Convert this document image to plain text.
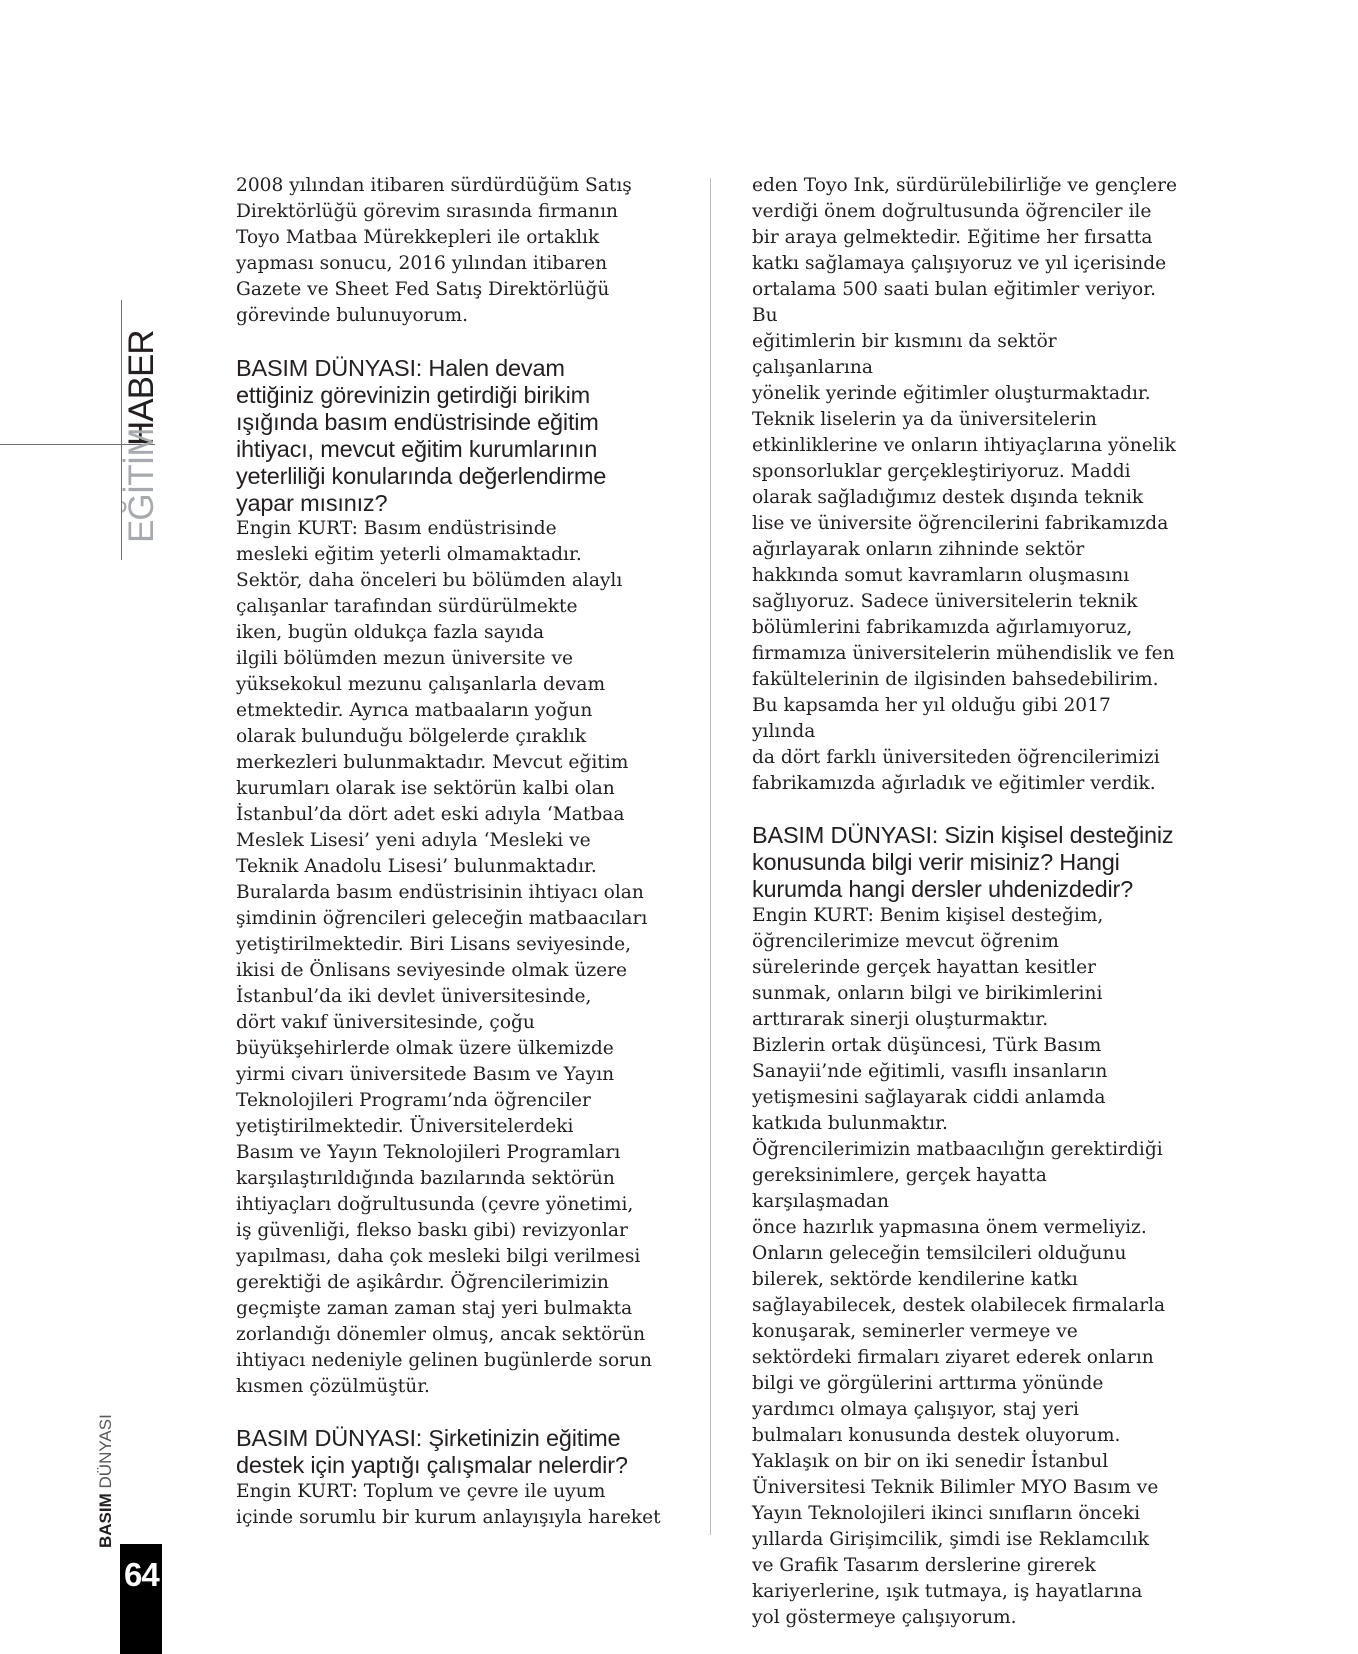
HABER
EĞİTİM
BASIM DÜNYASI
64

2008 yılından itibaren sürdürdüğüm Satış
Direktörlüğü görevim sırasında firmanın
Toyo Matbaa Mürekkepleri ile ortaklık
yapması sonucu, 2016 yılından itibaren
Gazete ve Sheet Fed Satış Direktörlüğü
görevinde bulunuyorum.

BASIM DÜNYASI: Halen devam
ettiğiniz görevinizin getirdiği birikim
ışığında basım endüstrisinde eğitim
ihtiyacı, mevcut eğitim kurumlarının
yeterliliği konularında değerlendirme
yapar mısınız?

Engin KURT: Basım endüstrisinde
mesleki eğitim yeterli olmamaktadır.
Sektör, daha önceleri bu bölümden alaylı
çalışanlar tarafından sürdürülmekte
iken, bugün oldukça fazla sayıda
ilgili bölümden mezun üniversite ve
yüksekokul mezunu çalışanlarla devam
etmektedir. Ayrıca matbaaların yoğun
olarak bulunduğu bölgelerde çıraklık
merkezleri bulunmaktadır. Mevcut eğitim
kurumları olarak ise sektörün kalbi olan
İstanbul’da dört adet eski adıyla ‘Matbaa
Meslek Lisesi’ yeni adıyla ‘Mesleki ve
Teknik Anadolu Lisesi’ bulunmaktadır.
Buralarda basım endüstrisinin ihtiyacı olan
şimdinin öğrencileri geleceğin matbaacıları
yetiştirilmektedir. Biri Lisans seviyesinde,
ikisi de Önlisans seviyesinde olmak üzere
İstanbul’da iki devlet üniversitesinde,
dört vakıf üniversitesinde, çoğu
büyükşehirlerde olmak üzere ülkemizde
yirmi civarı üniversitede Basım ve Yayın
Teknolojileri Programı’nda öğrenciler
yetiştirilmektedir. Üniversitelerdeki
Basım ve Yayın Teknolojileri Programları
karşılaştırıldığında bazılarında sektörün
ihtiyaçları doğrultusunda (çevre yönetimi,
iş güvenliği, flekso baskı gibi) revizyonlar
yapılması, daha çok mesleki bilgi verilmesi
gerektiği de aşikârdır. Öğrencilerimizin
geçmişte zaman zaman staj yeri bulmakta
zorlandığı dönemler olmuş, ancak sektörün
ihtiyacı nedeniyle gelinen bugünlerde sorun
kısmen çözülmüştür.

BASIM DÜNYASI: Şirketinizin eğitime
destek için yaptığı çalışmalar nelerdir?

Engin KURT: Toplum ve çevre ile uyum
içinde sorumlu bir kurum anlayışıyla hareket

eden Toyo Ink, sürdürülebilirliğe ve gençlere
verdiği önem doğrultusunda öğrenciler ile
bir araya gelmektedir. Eğitime her fırsatta
katkı sağlamaya çalışıyoruz ve yıl içerisinde
ortalama 500 saati bulan eğitimler veriyor. Bu
eğitimlerin bir kısmını da sektör çalışanlarına
yönelik yerinde eğitimler oluşturmaktadır.
Teknik liselerin ya da üniversitelerin
etkinliklerine ve onların ihtiyaçlarına yönelik
sponsorluklar gerçekleştiriyoruz. Maddi
olarak sağladığımız destek dışında teknik
lise ve üniversite öğrencilerini fabrikamızda
ağırlayarak onların zihninde sektör
hakkında somut kavramların oluşmasını
sağlıyoruz. Sadece üniversitelerin teknik
bölümlerini fabrikamızda ağırlamıyoruz,
firmamıza üniversitelerin mühendislik ve fen
fakültelerinin de ilgisinden bahsedebilirim.
Bu kapsamda her yıl olduğu gibi 2017 yılında
da dört farklı üniversiteden öğrencilerimizi
fabrikamızda ağırladık ve eğitimler verdik.

BASIM DÜNYASI: Sizin kişisel desteğiniz
konusunda bilgi verir misiniz? Hangi
kurumda hangi dersler uhdenizdedir?

Engin KURT: Benim kişisel desteğim,
öğrencilerimize mevcut öğrenim
sürelerinde gerçek hayattan kesitler
sunmak, onların bilgi ve birikimlerini
arttırarak sinerji oluşturmaktır.
Bizlerin ortak düşüncesi, Türk Basım
Sanayii’nde eğitimli, vasıflı insanların
yetişmesini sağlayarak ciddi anlamda
katkıda bulunmaktır.
Öğrencilerimizin matbaacılığın gerektirdiği
gereksinimlere, gerçek hayatta karşılaşmadan
önce hazırlık yapmasına önem vermeliyiz.
Onların geleceğin temsilcileri olduğunu
bilerek, sektörde kendilerine katkı
sağlayabilecek, destek olabilecek firmalarla
konuşarak, seminerler vermeye ve
sektördeki firmaları ziyaret ederek onların
bilgi ve görgülerini arttırma yönünde
yardımcı olmaya çalışıyor, staj yeri
bulmaları konusunda destek oluyorum.
Yaklaşık on bir on iki senedir İstanbul
Üniversitesi Teknik Bilimler MYO Basım ve
Yayın Teknolojileri ikinci sınıfların önceki
yıllarda Girişimcilik, şimdi ise Reklamcılık
ve Grafik Tasarım derslerine girerek
kariyerlerine, ışık tutmaya, iş hayatlarına
yol göstermeye çalışıyorum.
